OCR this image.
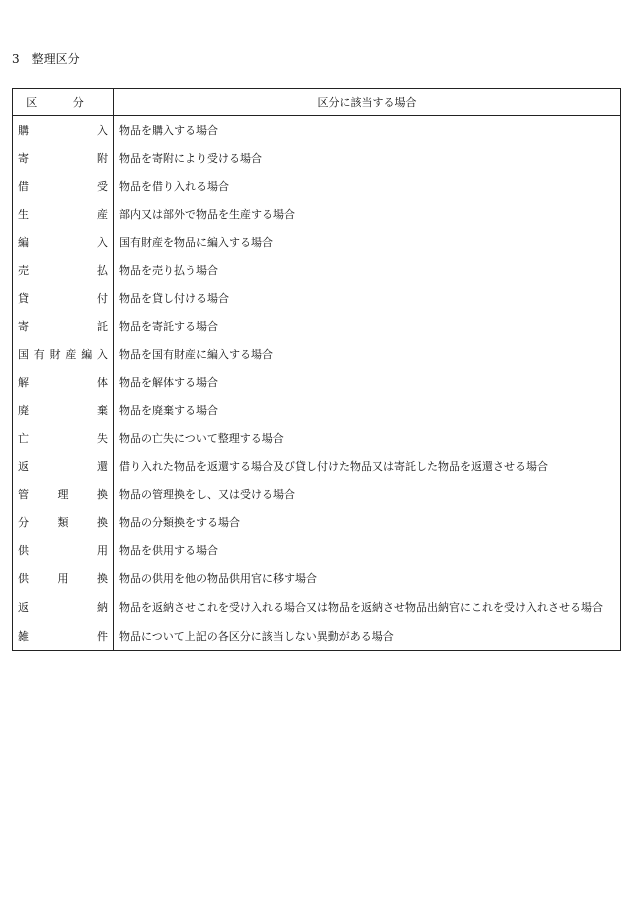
3 整理区分
区 分	区分に該当する場合
購 入	物品を購入する場合
寄 附	物品を寄附により受ける場合
借 受	物品を借り入れる場合
生 産	部内又は部外で物品を生産する場合
編 入	国有財産を物品に編入する場合
売 払	物品を売り払う場合
貸 付	物品を貸し付ける場合
寄 託	物品を寄託する場合
国 有 財 産 編 入	物品を国有財産に編入する場合
解 体	物品を解体する場合
廃 棄	物品を廃棄する場合
亡 失	物品の亡失について整理する場合
返 還	借り入れた物品を返還する場合及び貸し付けた物品又は寄託した物品を返還させる場合
管 理 換	物品の管理換をし、又は受ける場合
分 類 換	物品の分類換をする場合
供 用	物品を供用する場合
供 用 換	物品の供用を他の物品供用官に移す場合
返 納	物品を返納させこれを受け入れる場合又は物品を返納させ物品出納官にこれを受け入れさせる場合
雑 件	物品について上記の各区分に該当しない異動がある場合
